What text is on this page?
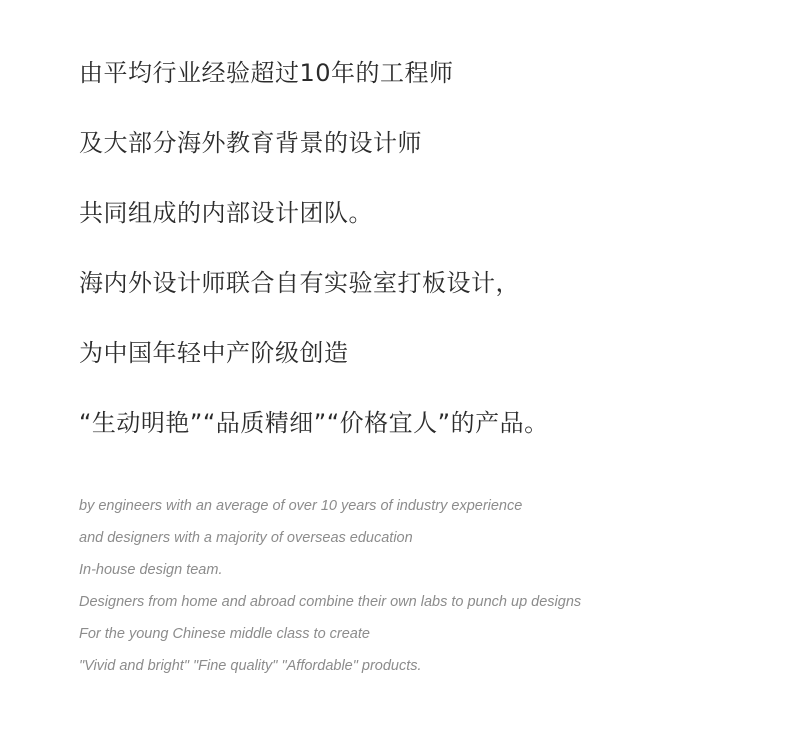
由平均行业经验超过10年的工程师

及大部分海外教育背景的设计师

共同组成的内部设计团队。

海内外设计师联合自有实验室打板设计，

为中国年轻中产阶级创造

“生动明艳”“品质精细”“价格宜人”的产品。

by engineers with an average of over 10 years of industry experience

and designers with a majority of overseas education

In-house design team.

Designers from home and abroad combine their own labs to punch up designs

For the young Chinese middle class to create

"Vivid and bright" "Fine quality" "Affordable" products.
